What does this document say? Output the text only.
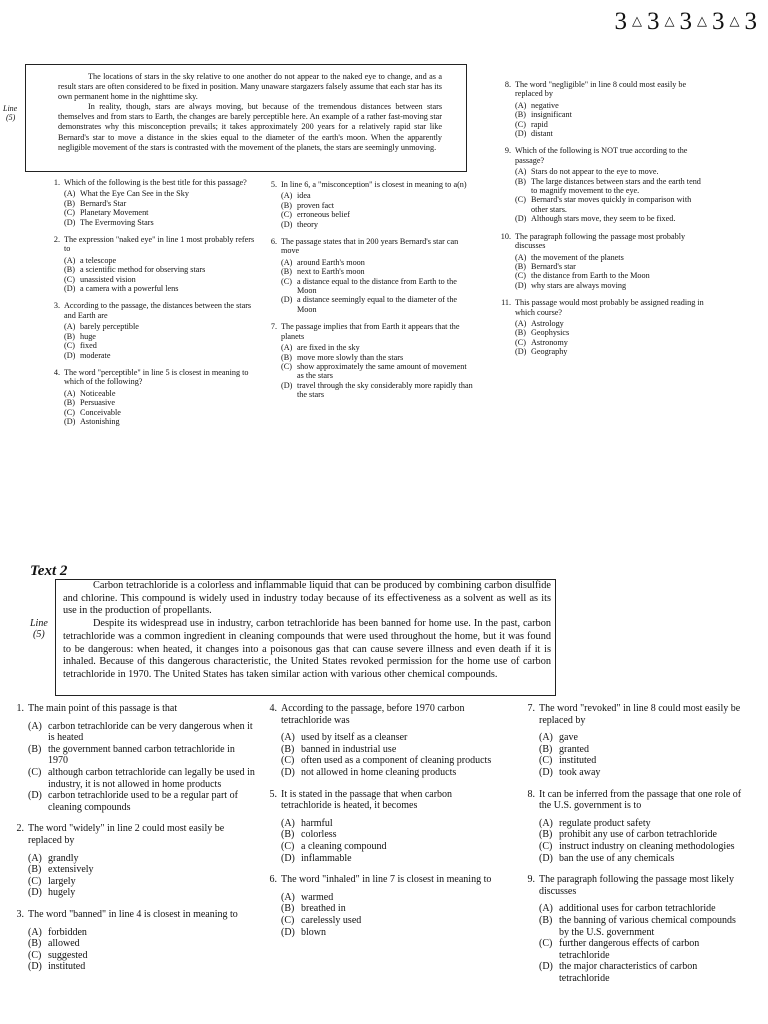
3 △ 3 △ 3 △ 3 △ 3
Line
(5)
The locations of stars in the sky relative to one another do not appear to the naked eye to change, and as a result stars are often considered to be fixed in position. Many unaware stargazers falsely assume that each star has its own permanent home in the nighttime sky.
In reality, though, stars are always moving, but because of the tremendous distances between stars themselves and from stars to Earth, the changes are barely perceptible here. An example of a rather fast-moving star demonstrates why this misconception prevails; it takes approximately 200 years for a relatively rapid star like Bernard's star to move a distance in the skies equal to the diameter of the earth's moon. When the apparently negligible movement of the stars is contrasted with the movement of the planets, the stars are seemingly unmoving.
1. Which of the following is the best title for this passage?
(A) What the Eye Can See in the Sky
(B) Bernard's Star
(C) Planetary Movement
(D) The Evermoving Stars
2. The expression "naked eye" in line 1 most probably refers to
(A) a telescope
(B) a scientific method for observing stars
(C) unassisted vision
(D) a camera with a powerful lens
3. According to the passage, the distances between the stars and Earth are
(A) barely perceptible
(B) huge
(C) fixed
(D) moderate
4. The word "perceptible" in line 5 is closest in meaning to which of the following?
(A) Noticeable
(B) Persuasive
(C) Conceivable
(D) Astonishing
5. In line 6, a "misconception" is closest in meaning to a(n)
(A) idea
(B) proven fact
(C) erroneous belief
(D) theory
6. The passage states that in 200 years Bernard's star can move
(A) around Earth's moon
(B) next to Earth's moon
(C) a distance equal to the distance from Earth to the Moon
(D) a distance seemingly equal to the diameter of the Moon
7. The passage implies that from Earth it appears that the planets
(A) are fixed in the sky
(B) move more slowly than the stars
(C) show approximately the same amount of movement as the stars
(D) travel through the sky considerably more rapidly than the stars
8. The word "negligible" in line 8 could most easily be replaced by
(A) negative
(B) insignificant
(C) rapid
(D) distant
9. Which of the following is NOT true according to the passage?
(A) Stars do not appear to the eye to move.
(B) The large distances between stars and the earth tend to magnify movement to the eye.
(C) Bernard's star moves quickly in comparison with other stars.
(D) Although stars move, they seem to be fixed.
10. The paragraph following the passage most probably discusses
(A) the movement of the planets
(B) Bernard's star
(C) the distance from Earth to the Moon
(D) why stars are always moving
11. This passage would most probably be assigned reading in which course?
(A) Astrology
(B) Geophysics
(C) Astronomy
(D) Geography
Text 2
Line
(5)
Carbon tetrachloride is a colorless and inflammable liquid that can be produced by combining carbon disulfide and chlorine. This compound is widely used in industry today because of its effectiveness as a solvent as well as its use in the production of propellants.
Despite its widespread use in industry, carbon tetrachloride has been banned for home use. In the past, carbon tetrachloride was a common ingredient in cleaning compounds that were used throughout the home, but it was found to be dangerous: when heated, it changes into a poisonous gas that can cause severe illness and even death if it is inhaled. Because of this dangerous characteristic, the United States revoked permission for the home use of carbon tetrachloride in 1970. The United States has taken similar action with various other chemical compounds.
1. The main point of this passage is that
(A) carbon tetrachloride can be very dangerous when it is heated
(B) the government banned carbon tetrachloride in 1970
(C) although carbon tetrachloride can legally be used in industry, it is not allowed in home products
(D) carbon tetrachloride used to be a regular part of cleaning compounds
2. The word "widely" in line 2 could most easily be replaced by
(A) grandly
(B) extensively
(C) largely
(D) hugely
3. The word "banned" in line 4 is closest in meaning to
(A) forbidden
(B) allowed
(C) suggested
(D) instituted
4. According to the passage, before 1970 carbon tetrachloride was
(A) used by itself as a cleanser
(B) banned in industrial use
(C) often used as a component of cleaning products
(D) not allowed in home cleaning products
5. It is stated in the passage that when carbon tetrachloride is heated, it becomes
(A) harmful
(B) colorless
(C) a cleaning compound
(D) inflammable
6. The word "inhaled" in line 7 is closest in meaning to
(A) warmed
(B) breathed in
(C) carelessly used
(D) blown
7. The word "revoked" in line 8 could most easily be replaced by
(A) gave
(B) granted
(C) instituted
(D) took away
8. It can be inferred from the passage that one role of the U.S. government is to
(A) regulate product safety
(B) prohibit any use of carbon tetrachloride
(C) instruct industry on cleaning methodologies
(D) ban the use of any chemicals
9. The paragraph following the passage most likely discusses
(A) additional uses for carbon tetrachloride
(B) the banning of various chemical compounds by the U.S. government
(C) further dangerous effects of carbon tetrachloride
(D) the major characteristics of carbon tetrachloride
